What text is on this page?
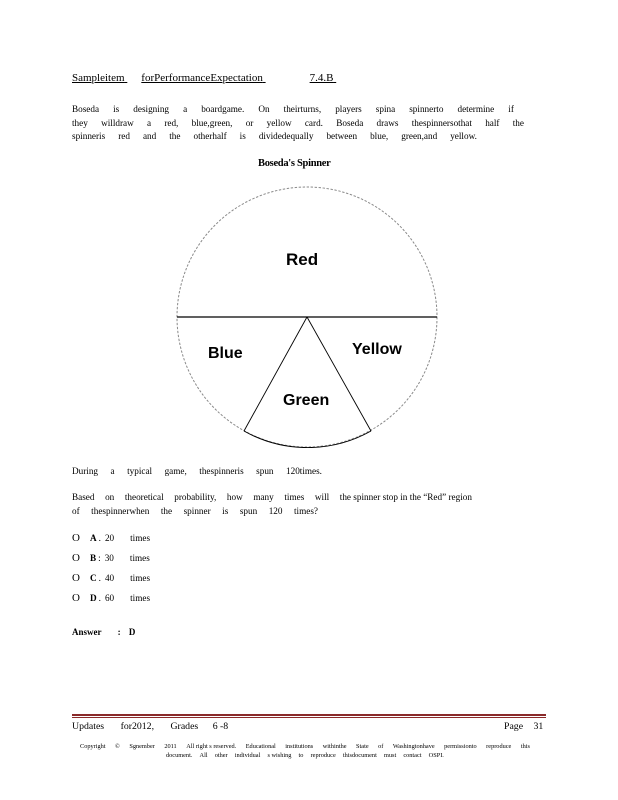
Sampleitem forPerformanceExpectation	7.4.B
Boseda is designing a boardgame. On theirturns, players spina spinnerto determine if
they willdraw a red, blue,green, or yellow card. Boseda draws thespinnersothat half the
spinneris red and the otherhalf is dividedequally between blue, green,and yellow.
Boseda's Spinner
Red
Blue	Yellow
Green
During a typical game, thespinneris spun 120times.
Based on theoretical probability, how many times will the spinner stop in the “Red” region
of thespinnerwhen the spinner is spun 120 times?
O	A . 20 times
O	B : 30 times
O	C . 40 times
O	D . 60 times
Answer : D
Updates for2012, Grades 6 -8	Page 31
Copyright © Sgnember 2011 All right s reserved. Educational institutions withinthe State of Washingtonhave permissionto reproduce this
document. All other individual s wishing to reproduce thisdocument must contact OSPI.
